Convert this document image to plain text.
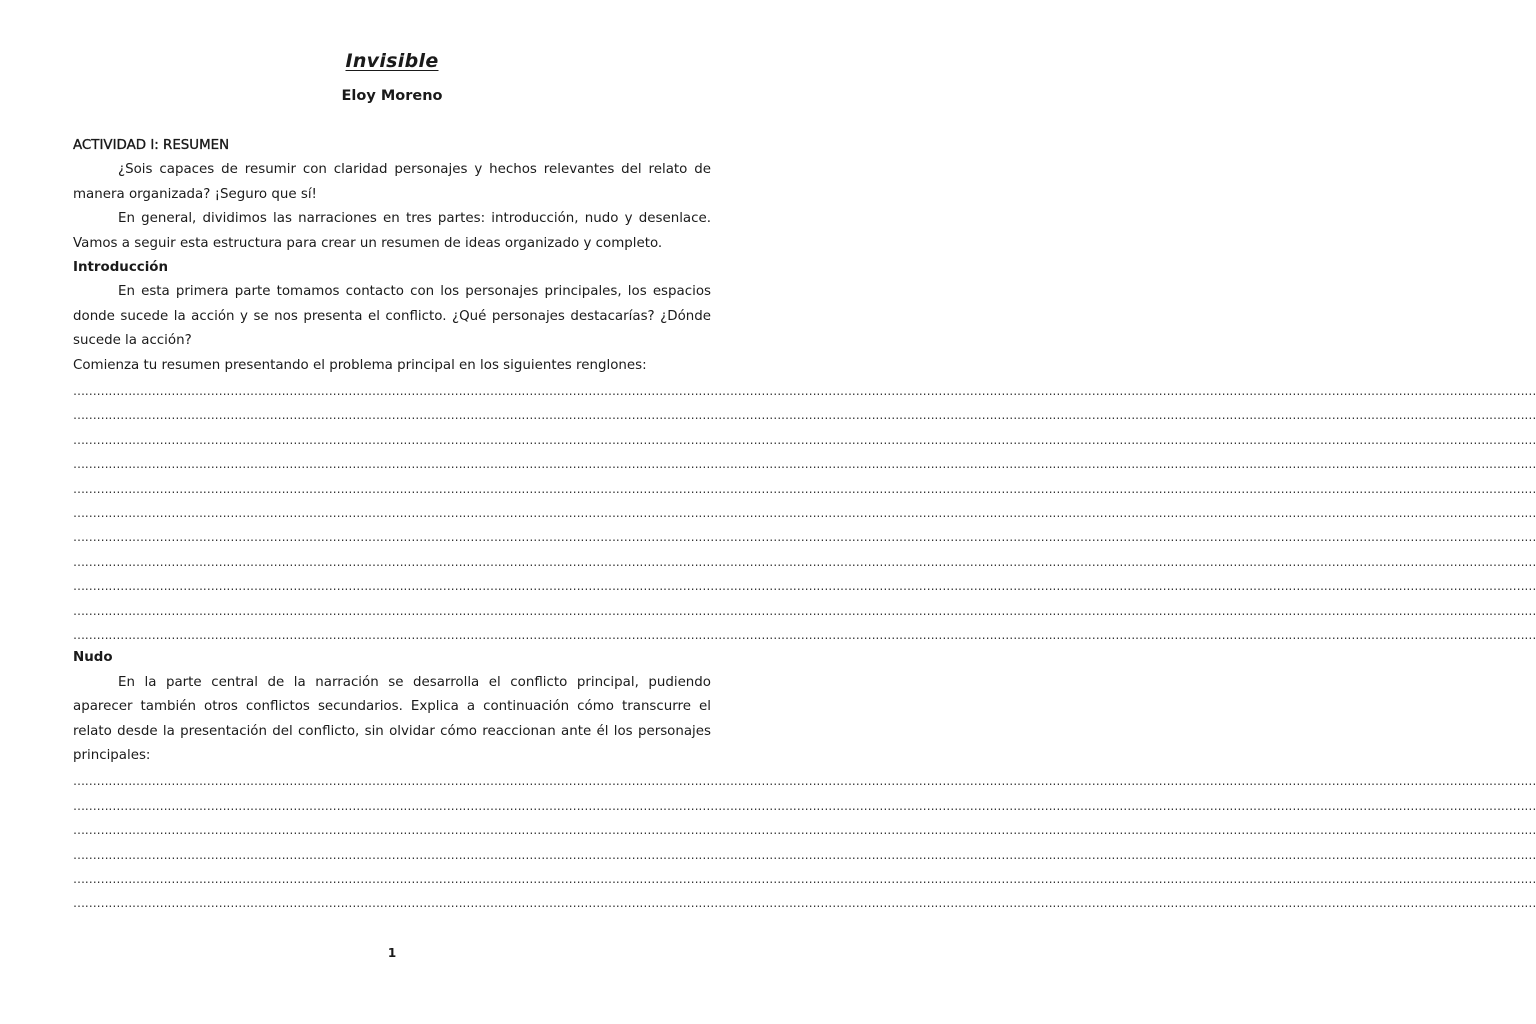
Invisible
Eloy Moreno
ACTIVIDAD I: RESUMEN

¿Sois capaces de resumir con claridad personajes y hechos relevantes del relato de manera organizada? ¡Seguro que sí!

En general, dividimos las narraciones en tres partes: introducción, nudo y desenlace. Vamos a seguir esta estructura para crear un resumen de ideas organizado y completo.

Introducción

En esta primera parte tomamos contacto con los personajes principales, los espacios donde sucede la acción y se nos presenta el conflicto. ¿Qué personajes destacarías? ¿Dónde sucede la acción?

Comienza tu resumen presentando el problema principal en los siguientes renglones:

…………………………………………………………………………………………………………………………………………………………………………………………………………………………………………………………………………………………………………………………………………
…………………………………………………………………………………………………………………………………………………………………………………………………………………………………………………………………………………………………………………………………………
…………………………………………………………………………………………………………………………………………………………………………………………………………………………………………………………………………………………………………………………………………
…………………………………………………………………………………………………………………………………………………………………………………………………………………………………………………………………………………………………………………………………………
…………………………………………………………………………………………………………………………………………………………………………………………………………………………………………………………………………………………………………………………………………
…………………………………………………………………………………………………………………………………………………………………………………………………………………………………………………………………………………………………………………………………………
…………………………………………………………………………………………………………………………………………………………………………………………………………………………………………………………………………………………………………………………………………
…………………………………………………………………………………………………………………………………………………………………………………………………………………………………………………………………………………………………………………………………………
…………………………………………………………………………………………………………………………………………………………………………………………………………………………………………………………………………………………………………………………………………
…………………………………………………………………………………………………………………………………………………………………………………………………………………………………………………………………………………………………………………………………………
…………………………………………………………………………………………………………………………………………………………………………………………………………………………………………………………………………………………………………………………………………
Nudo

En la parte central de la narración se desarrolla el conflicto principal, pudiendo aparecer también otros conflictos secundarios. Explica a continuación cómo transcurre el relato desde la presentación del conflicto, sin olvidar cómo reaccionan ante él los personajes principales:

…………………………………………………………………………………………………………………………………………………………………………………………………………………………………………………………………………………………………………………………………………
…………………………………………………………………………………………………………………………………………………………………………………………………………………………………………………………………………………………………………………………………………
…………………………………………………………………………………………………………………………………………………………………………………………………………………………………………………………………………………………………………………………………………
…………………………………………………………………………………………………………………………………………………………………………………………………………………………………………………………………………………………………………………………………………
…………………………………………………………………………………………………………………………………………………………………………………………………………………………………………………………………………………………………………………………………………
…………………………………………………………………………………………………………………………………………………………………………………………………………………………………………………………………………………………………………………………………………
1
